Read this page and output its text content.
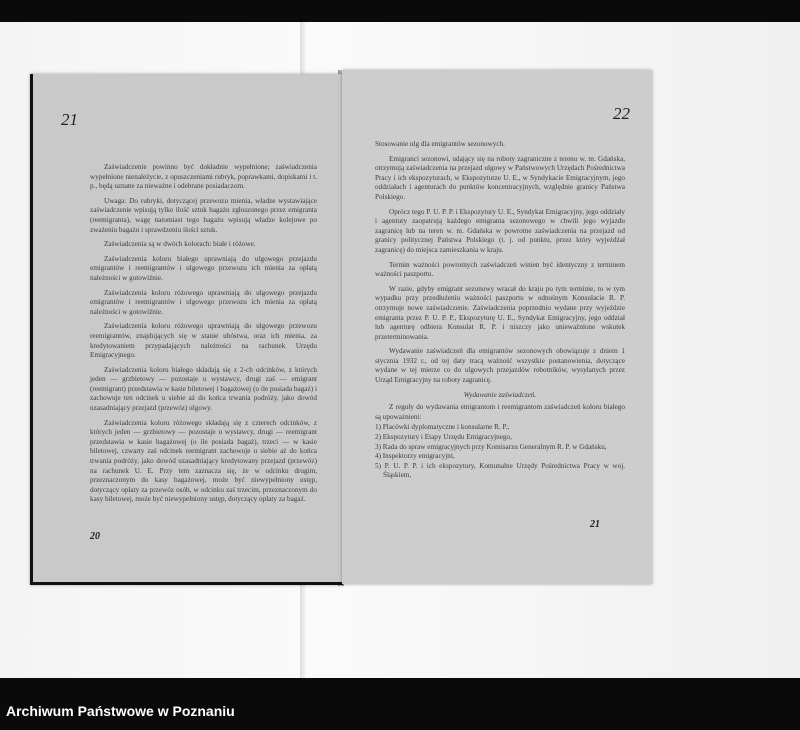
21

Zaświadczenie powinno być dokładnie wypełnione; zaświadczenia wypełnione nienależycie, z opuszczeniami rubryk, poprawkami, dopiskami i t. p., będą uznane za nieważne i odebrane posiadaczom.

Uwaga: Do rubryki, dotyczącej przewozu mienia, władze wystawiające zaświadczenie wpisują tylko ilość sztuk bagażu zgłoszonego przez emigranta (reemigranta), wagę natomiast tego bagażu wpisują władze kolejowe po zważeniu bagażu i sprawdzeniu ilości sztuk.

Zaświadczenia są w dwóch kolorach: białe i różowe.

Zaświadczenia koloru białego uprawniają do ulgowego przejazdu emigrantów i reemigrantów i ulgowego przewozu ich mienia za opłatą należności w gotowiźnie.

Zaświadczenia koloru różowego uprawniają do ulgowego przejazdu emigrantów i reemigrantów i ulgowego przewozu ich mienia za opłatą należności w gotowiźnie.

Zaświadczenia koloru różowego uprawniają do ulgowego przewozu reemigrantów, znajdujących się w stanie ubóstwa, oraz ich mienia, za kredytowaniem przypadających należności na rachunek Urzędu Emigracyjnego.

Zaświadczenia koloru białego składają się z 2-ch odcinków, z których jeden — grzbietowy — pozostaje u wystawcy, drugi zaś — emigrant (reemigrant) przedstawia w kasie biletowej i bagażowej (o ile posiada bagaż) i zachowuje ten odcinek u siebie aż do końca trwania podróży, jako dowód uzasadniający przejazd (przewóz) ulgowy.

Zaświadczenia koloru różowego składają się z czterech odcinków, z których jeden — grzbietowy — pozostaje u wystawcy, drugi — reemigrant przedstawia w kasie bagażowej (o ile posiada bagaż), trzeci — w kasie biletowej, czwarty zaś odcinek reemigrant zachowuje u siebie aż do końca trwania podróży, jako dowód uzasadniający kredytowany przejazd (przewóz) na rachunek U. E. Przy tem zaznacza się, że w odcinku drugim, przeznaczonym do kasy bagażowej, może być niewypełniony ustęp, dotyczący opłaty za przewóz osób, w odcinku zaś trzecim, przeznaczonym do kasy biletowej, może być niewypełniony ustęp, dotyczący opłaty za bagaż.

20
22

Stosowanie ulg dla emigrantów sezonowych.

Emigranci sezonowi, udający się na roboty zagraniczne z terenu w. m. Gdańska, otrzymują zaświadczenia na przejazd ulgowy w Państwowych Urzędach Pośrednictwa Pracy i ich ekspozyturach, w Ekspozyturze U. E., w Syndykacie Emigracyjnym, jego oddziałach i agenturach do punktów koncentracyjnych, względnie granicy Państwa Polskiego.

Oprócz tego P. U. P. P. i Ekspozytury U. E., Syndykat Emigracyjny, jego oddziały i agentury zaopatrują każdego emigranta sezonowego w chwili jego wyjazdu zagranicę lub na teren w. m. Gdańska w powrotne zaświadczenia na przejazd od granicy politycznej Państwa Polskiego (t. j. od punktu, przez który wyjeżdżał zagranicę) do miejsca zamieszkania w kraju.

Termin ważności powrotnych zaświadczeń winien być identyczny z terminem ważności paszportu.

W razie, gdyby emigrant sezonowy wracał do kraju po tym terminie, to w tym wypadku przy przedłużeniu ważności paszportu w odnośnym Konsulacie R. P. otrzymuje nowe zaświadczenie. Zaświadczenia poprzednio wydane przy wyjeździe emigranta przez P. U. P. P., Ekspozyturę U. E., Syndykat Emigracyjny, jego oddział lub agenturę odbiera Konsulat R. P. i niszczy jako unieważnione wskutek przeterminowania.

Wydawanie zaświadczeń dla emigrantów sezonowych obowiązuje z dniem 1 stycznia 1932 r., od tej daty tracą ważność wszystkie postanowienia, dotyczące wydane w tej mierze co do ulgowych przejazdów robotników, wysyłanych przez Urząd Emigracyjny na roboty zagranicę.

Wydawanie zaświadczeń.

Z reguły do wydawania emigrantom i reemigrantom zaświadczeń koloru białego są upoważnieni:

1) Placówki dyplomatyczne i konsularne R. P.,
2) Ekspozytury i Etapy Urzędu Emigracyjnego,
3) Rada do spraw emigracyjnych przy Komisarzu Generalnym R. P. w Gdańsku,
4) Inspektorzy emigracyjni,
5) P. U. P. P. i ich ekspozytury, Komunalne Urzędy Pośrednictwa Pracy w woj. Śląskiem,
21
Archiwum Państwowe w Poznaniu
